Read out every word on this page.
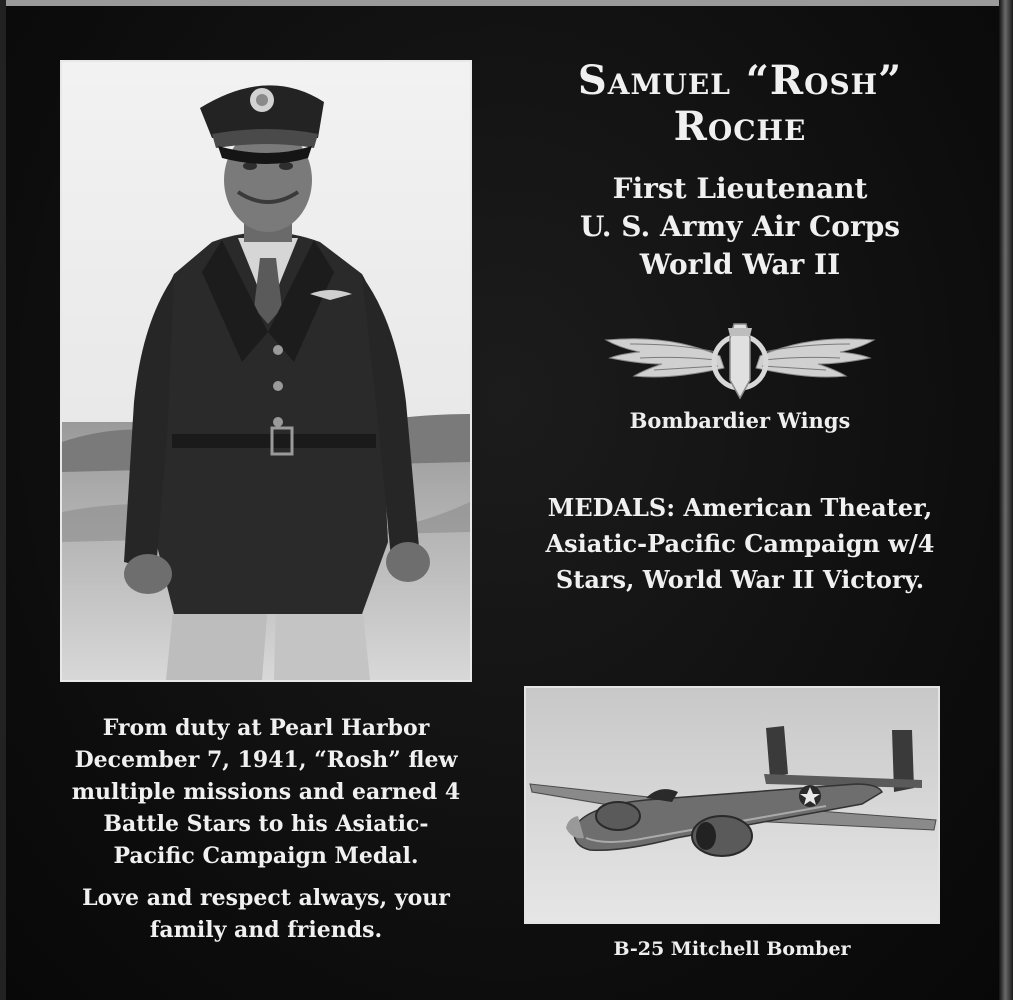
Samuel “Rosh”
Roche
First Lieutenant
U. S. Army Air Corps
World War II
Bombardier Wings
MEDALS: American Theater,
Asiatic-Pacific Campaign w/4
Stars, World War II Victory.

From duty at Pearl Harbor
December 7, 1941, “Rosh” flew
multiple missions and earned 4
Battle Stars to his Asiatic-
Pacific Campaign Medal.

Love and respect always, your
family and friends.

B-25 Mitchell Bomber
